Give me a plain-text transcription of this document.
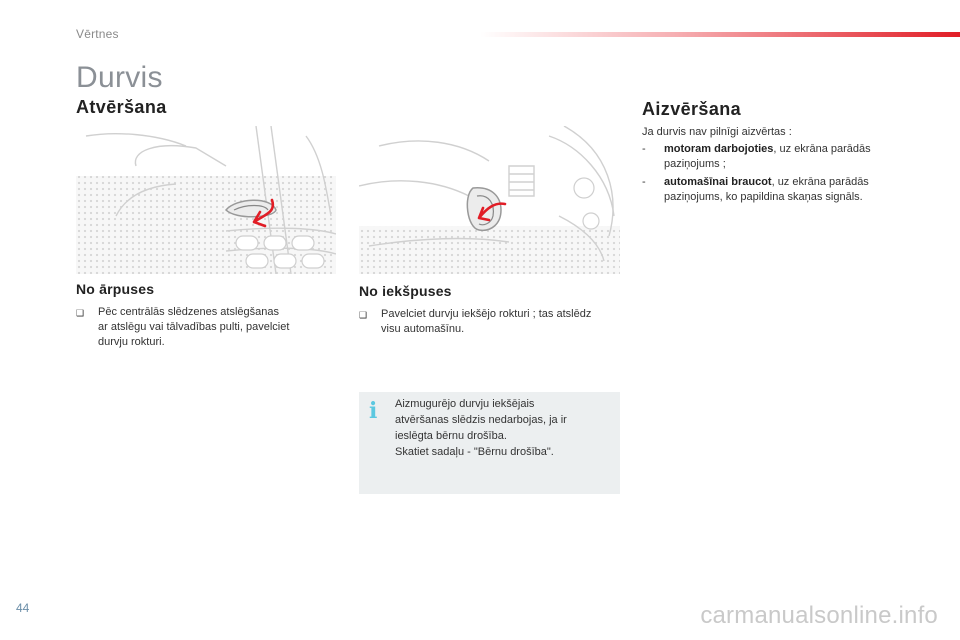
Vērtnes
Durvis
Atvēršana	Aizvēršana
No ārpuses
❑ Pēc centrālās slēdzenes atslēgšanas
ar atslēgu vai tālvadības pulti, pavelciet
durvju rokturi.
No iekšpuses
❑ Pavelciet durvju iekšējo rokturi ; tas atslēdz
visu automašīnu.
i Aizmugurējo durvju iekšējais
atvēršanas slēdzis nedarbojas, ja ir
ieslēgta bērnu drošība.
Skatiet sadaļu - "Bērnu drošība".
Ja durvis nav pilnīgi aizvērtas :
- motoram darbojoties, uz ekrāna parādās
paziņojums ;
- automašīnai braucot, uz ekrāna parādās
paziņojums, ko papildina skaņas signāls.
44	carmanualsonline.info
